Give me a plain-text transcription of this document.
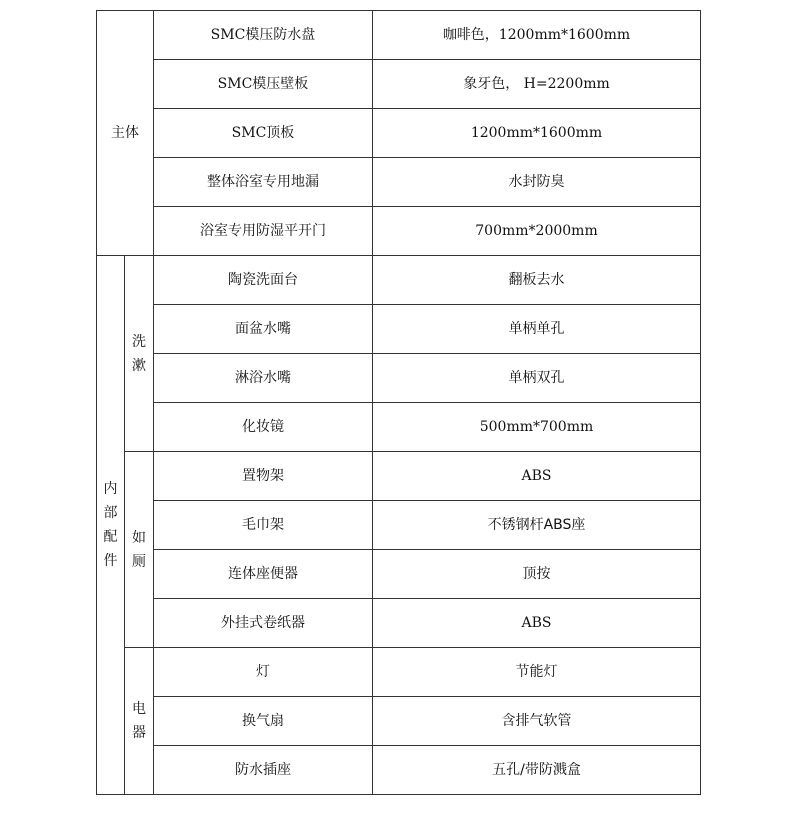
主体		SMC模压防水盘	咖啡色，1200mm*1600mm
		SMC模压壁板	象牙色， H=2200mm
		SMC顶板	1200mm*1600mm
		整体浴室专用地漏	水封防臭
		浴室专用防湿平开门	700mm*2000mm
内部配件	洗漱	陶瓷洗面台	翻板去水
		面盆水嘴	单柄单孔
		淋浴水嘴	单柄双孔
		化妆镜	500mm*700mm
	如厕	置物架	ABS
		毛巾架	不锈钢杆ABS座
		连体座便器	顶按
		外挂式卷纸器	ABS
	电器	灯	节能灯
		换气扇	含排气软管
		防水插座	五孔/带防溅盒
